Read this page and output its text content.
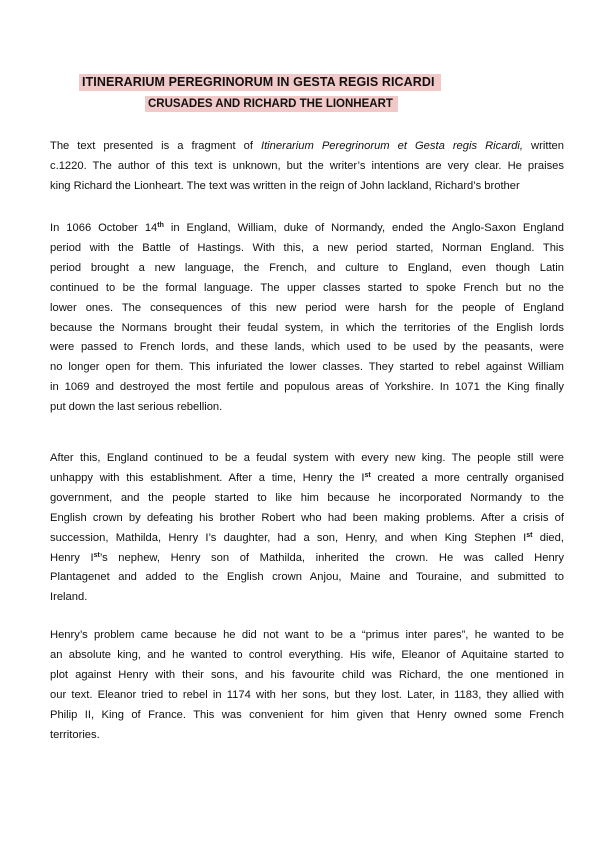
ITINERARIUM PEREGRINORUM IN GESTA REGIS RICARDI
CRUSADES AND RICHARD THE LIONHEART

The text presented is a fragment of Itinerarium Peregrinorum et Gesta regis Ricardi, written
c.1220. The author of this text is unknown, but the writer’s intentions are very clear. He praises
king Richard the Lionheart. The text was written in the reign of John lackland, Richard’s brother

In 1066 October 14th in England, William, duke of Normandy, ended the Anglo-Saxon England
period with the Battle of Hastings. With this, a new period started, Norman England. This
period brought a new language, the French, and culture to England, even though Latin
continued to be the formal language. The upper classes started to spoke French but no the
lower ones. The consequences of this new period were harsh for the people of England
because the Normans brought their feudal system, in which the territories of the English lords
were passed to French lords, and these lands, which used to be used by the peasants, were
no longer open for them. This infuriated the lower classes. They started to rebel against William
in 1069 and destroyed the most fertile and populous areas of Yorkshire. In 1071 the King finally
put down the last serious rebellion.

After this, England continued to be a feudal system with every new king. The people still were
unhappy with this establishment. After a time, Henry the Ist created a more centrally organised
government, and the people started to like him because he incorporated Normandy to the
English crown by defeating his brother Robert who had been making problems. After a crisis of
succession, Mathilda, Henry I’s daughter, had a son, Henry, and when King Stephen Ist died,
Henry Ist’s nephew, Henry son of Mathilda, inherited the crown. He was called Henry
Plantagenet and added to the English crown Anjou, Maine and Touraine, and submitted to
Ireland.

Henry’s problem came because he did not want to be a “primus inter pares”, he wanted to be
an absolute king, and he wanted to control everything. His wife, Eleanor of Aquitaine started to
plot against Henry with their sons, and his favourite child was Richard, the one mentioned in
our text. Eleanor tried to rebel in 1174 with her sons, but they lost. Later, in 1183, they allied with
Philip II, King of France. This was convenient for him given that Henry owned some French
territories.
